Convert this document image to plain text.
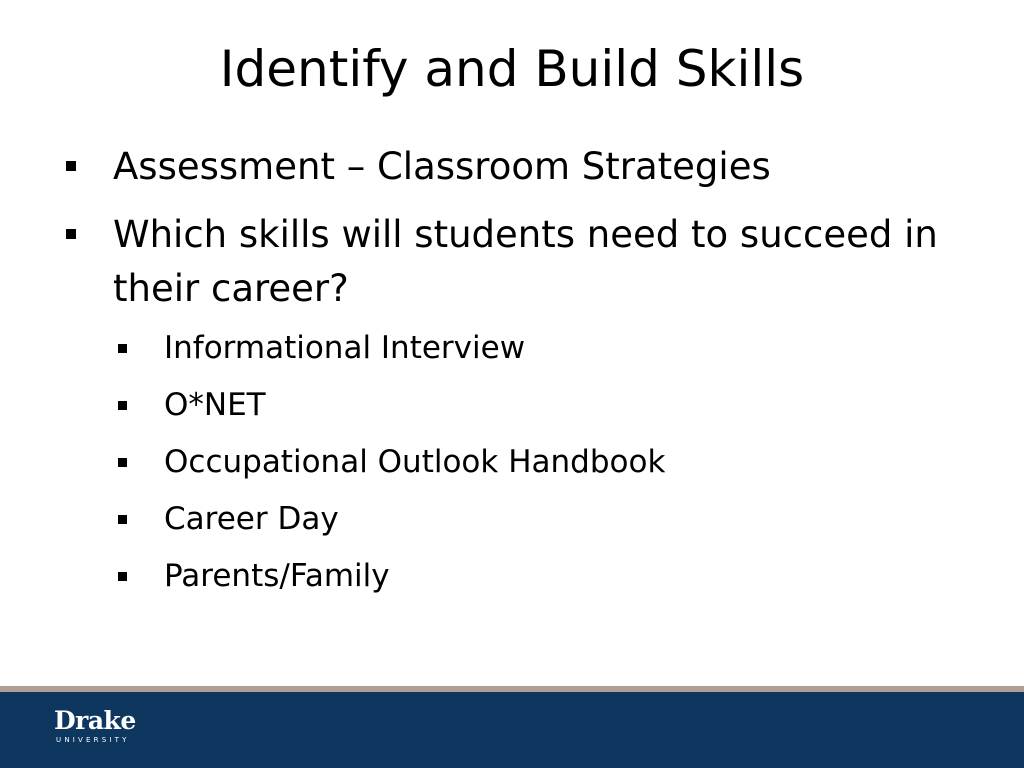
Identify and Build Skills
Assessment – Classroom Strategies
Which skills will students need to succeed in their career?
Informational Interview
O*NET
Occupational Outlook Handbook
Career Day
Parents/Family
Drake
UNIVERSITY
